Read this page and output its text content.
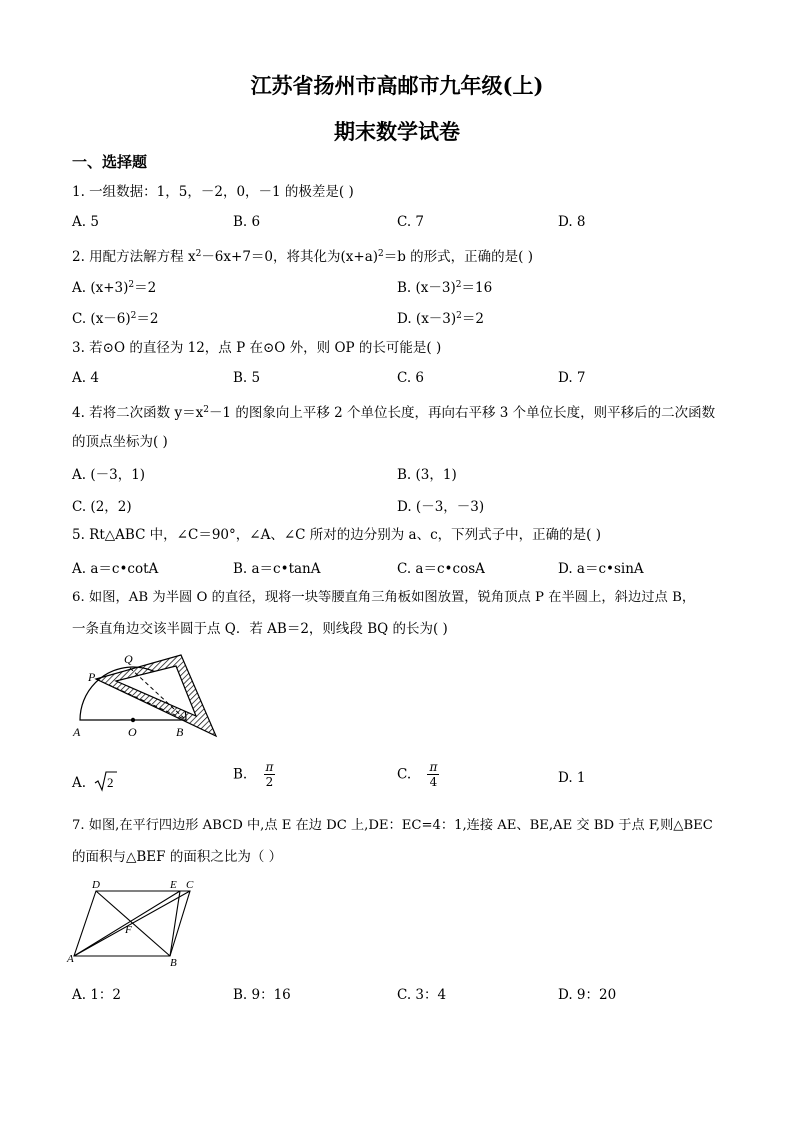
江苏省扬州市高邮市九年级(上)
期末数学试卷
一、选择题
1. 一组数据：1，5，－2，0，－1 的极差是( )
A. 5	B. 6	C. 7	D. 8
2. 用配方法解方程 $x^2-6x+7=0$，将其化为$(x+a)^2=b$ 的形式，正确的是( )
A. $(x+3)^2=2$	B. $(x-3)^2=16$
C. $(x-6)^2=2$	D. $(x-3)^2=2$
3. 若⊙O 的直径为 12，点 P 在⊙O 外，则 OP 的长可能是( )
A. 4	B. 5	C. 6	D. 7
4. 若将二次函数 $y=x^2-1$ 的图象向上平移 2 个单位长度，再向右平移 3 个单位长度，则平移后的二次函数
的顶点坐标为( )
A. (－3，1)	B. (3，1)
C. (2，2)	D. (－3，－3)
5. Rt△ABC 中，∠C＝90°，∠A、∠C 所对的边分别为 a、c，下列式子中，正确的是( )
A. a＝c•cotA	B. a＝c•tanA	C. a＝c•cosA	D. a＝c•sinA
6. 如图，AB 为半圆 O 的直径，现将一块等腰直角三角板如图放置，锐角顶点 P 在半圆上，斜边过点 B，
一条直角边交该半圆于点 Q．若 AB＝2，则线段 BQ 的长为( )
A	O	B
P
Q
A. 2	B. $\frac{\pi}{2}$	C. $\frac{\pi}{4}$	D. 1
7. 如图,在平行四边形 ABCD 中,点 E 在边 DC 上,DE：EC=4：1,连接 AE、BE,AE 交 BD 于点 F,则△BEC
的面积与△BEF 的面积之比为（ ）
D	E C
A	B
F
A. 1：2	B. 9：16	C. 3：4	D. 9：20
